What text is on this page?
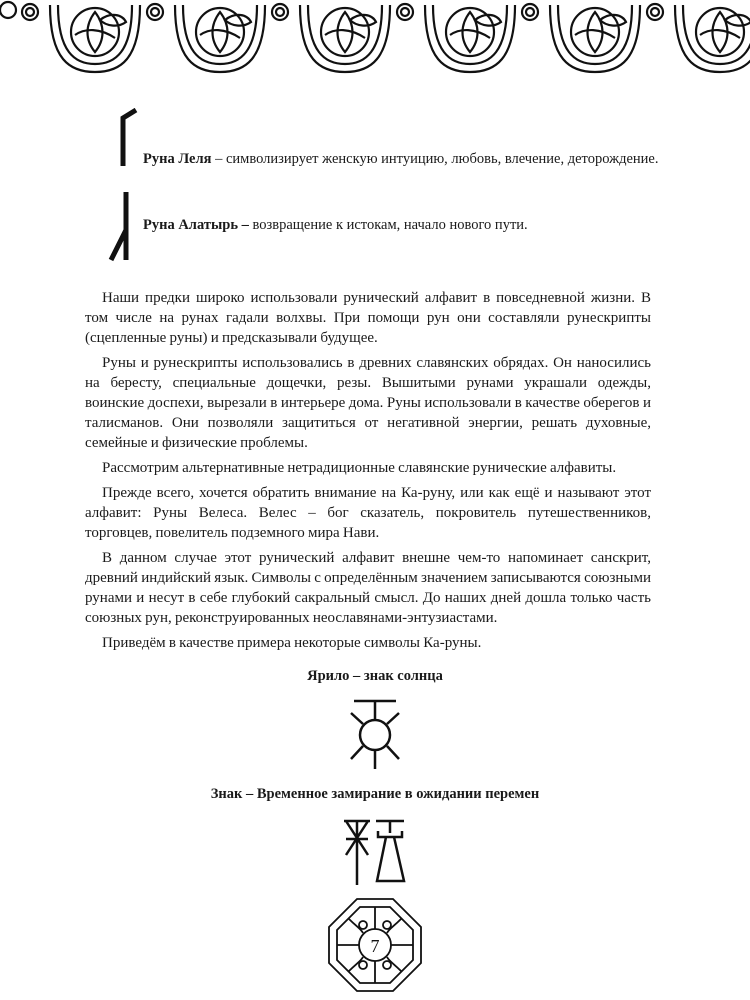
Руна Леля – символизирует женскую интуицию, любовь, влечение, деторождение.
Руна Алатырь – возвращение к истокам, начало нового пути.

Наши предки широко использовали рунический алфавит в повседневной жизни. В том числе на рунах гадали волхвы. При помощи рун они составляли рунескрипты (сцепленные руны) и предсказывали будущее.

Руны и рунескрипты использовались в древних славянских обрядах. Он наносились на бересту, специальные дощечки, резы. Вышитыми рунами украшали одежды, воинские доспехи, вырезали в интерьере дома. Руны использовали в качестве оберегов и талисманов. Они позволяли защититься от негативной энергии, решать духовные, семейные и физические проблемы.

Рассмотрим альтернативные нетрадиционные славянские рунические алфавиты.

Прежде всего, хочется обратить внимание на Ка-руну, или как ещё и называют этот алфавит: Руны Велеса. Велес – бог сказатель, покровитель путешественников, торговцев, повелитель подземного мира Нави.

В данном случае этот рунический алфавит внешне чем-то напоминает санскрит, древний индийский язык. Символы с определённым значением записываются союзными рунами и несут в себе глубокий сакральный смысл. До наших дней дошла только часть союзных рун, реконструированных неославянами-энтузиастами.

Приведём в качестве примера некоторые символы Ка-руны.

Ярило – знак солнца
Знак – Временное замирание в ожидании перемен
7
